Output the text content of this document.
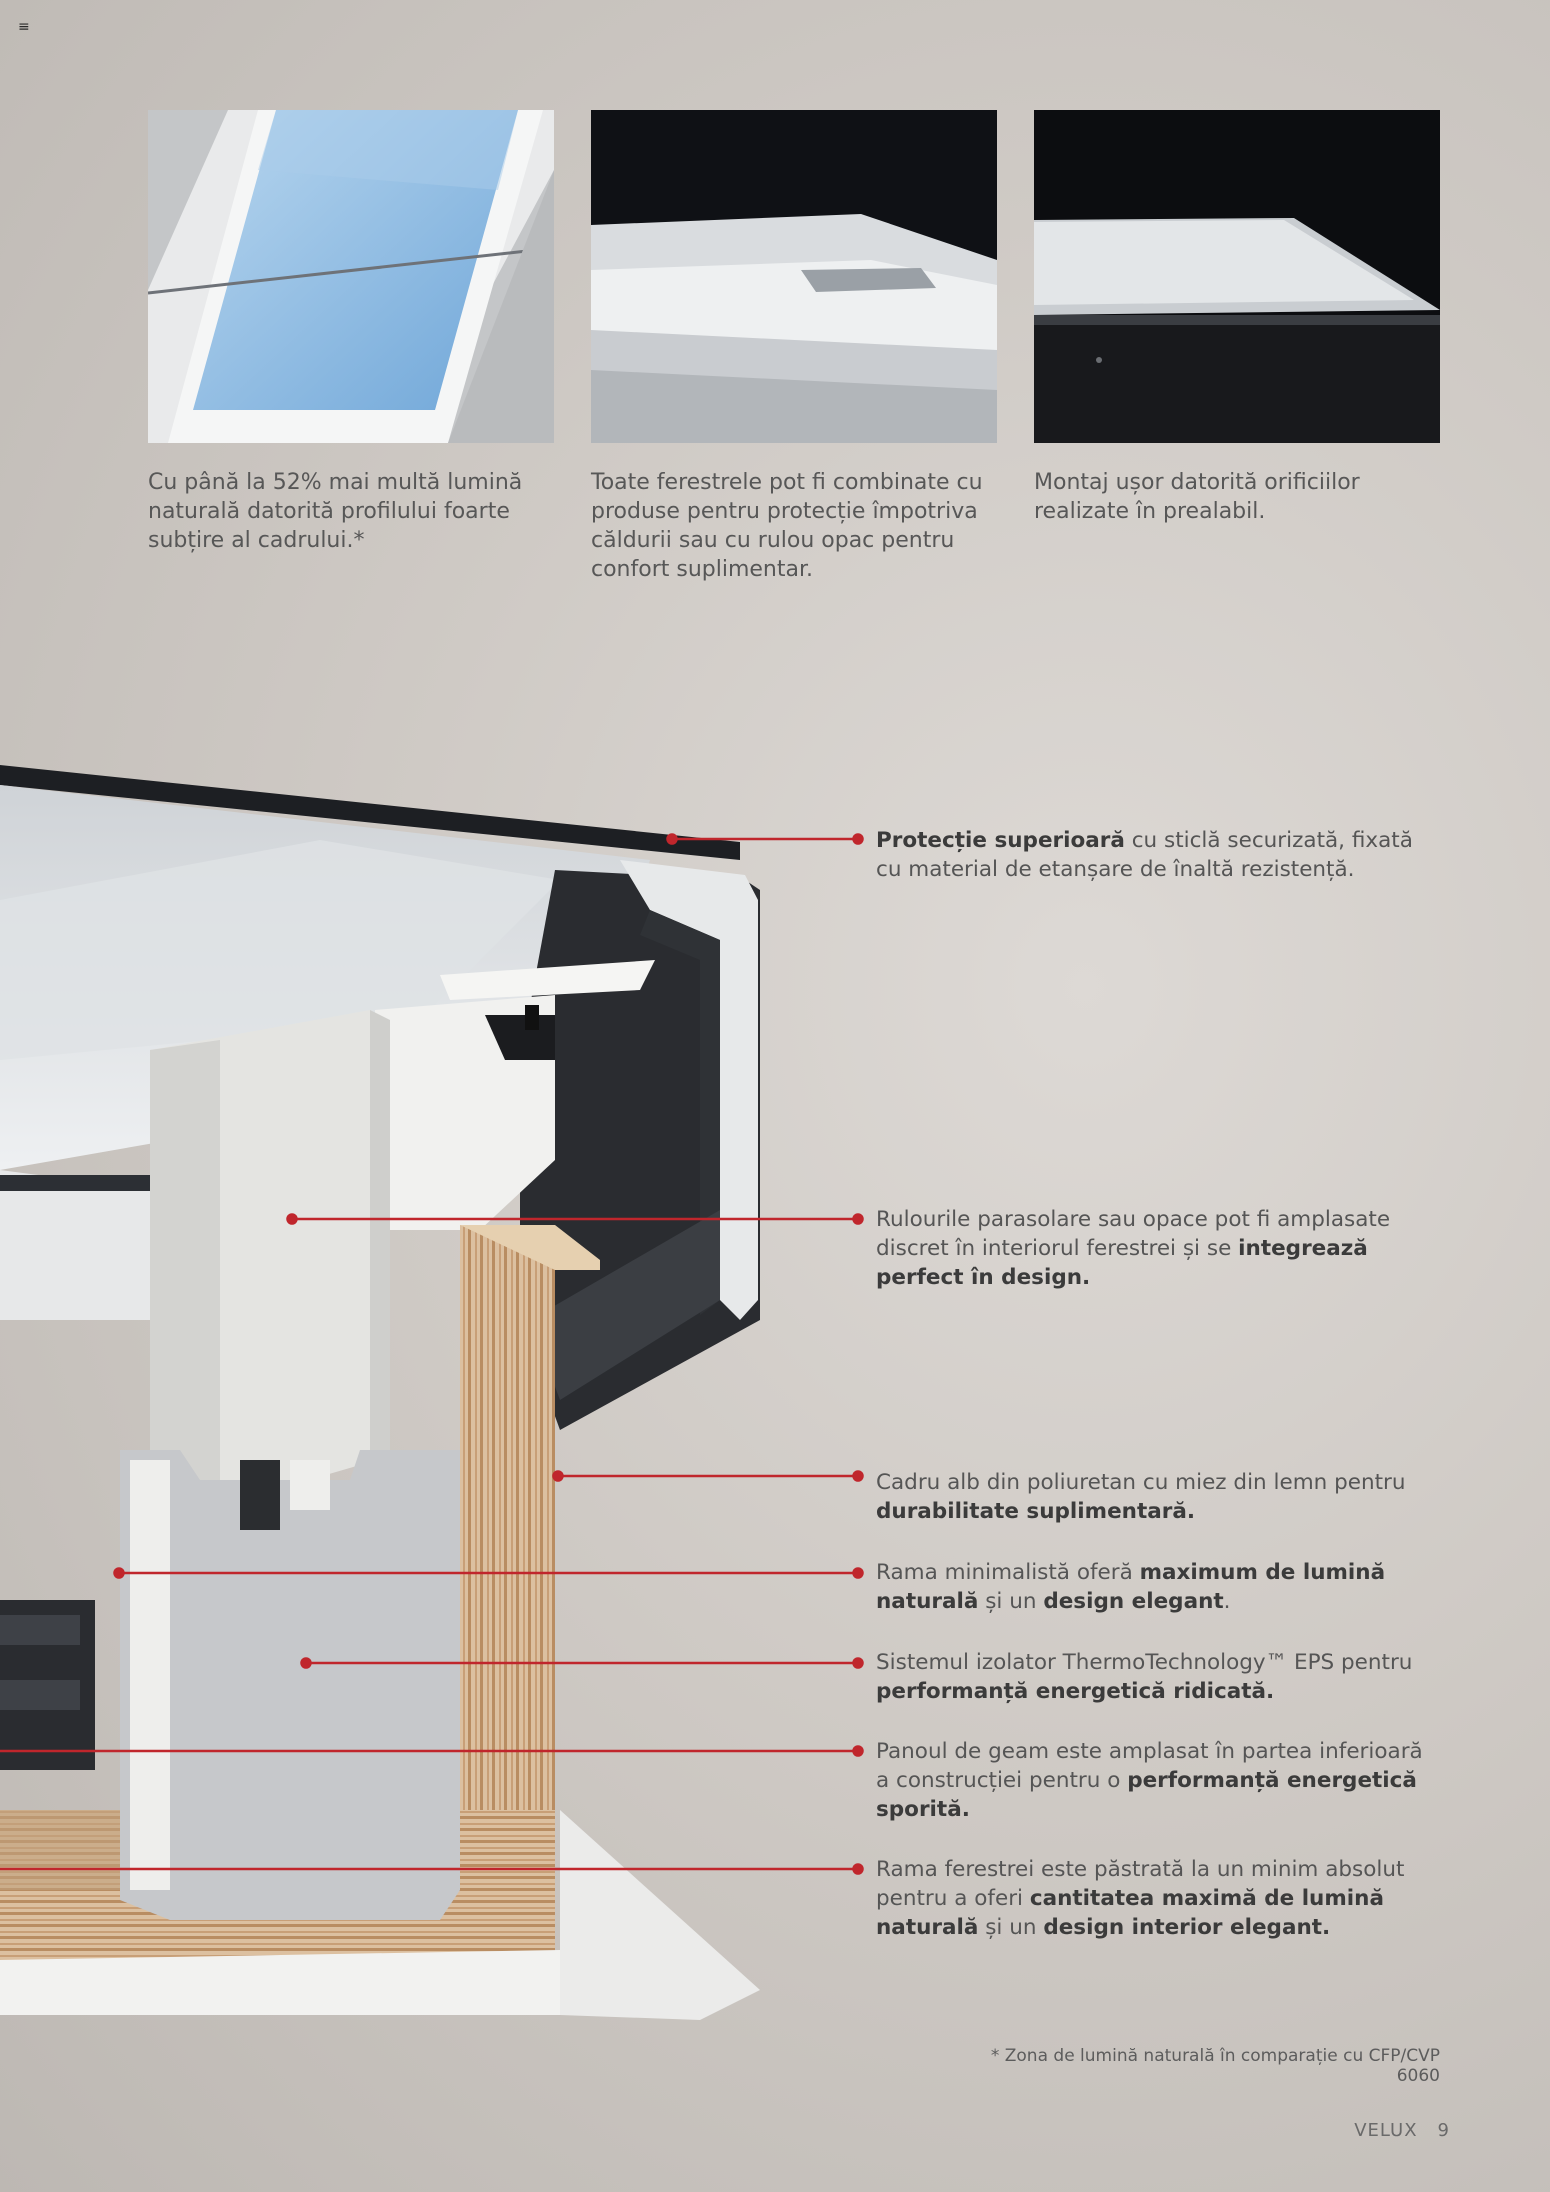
≡
Cu până la 52% mai multă lumină naturală datorită profilului foarte subțire al cadrului.*
Toate ferestrele pot fi combinate cu produse pentru protecție împotriva căldurii sau cu rulou opac pentru confort suplimentar.
Montaj ușor datorită orificiilor realizate în prealabil.
Protecție superioară cu sticlă securizată, fixată cu material de etanșare de înaltă rezistență.
Rulourile parasolare sau opace pot fi amplasate discret în interiorul ferestrei și se integrează perfect în design.
Cadru alb din poliuretan cu miez din lemn pentru durabilitate suplimentară.
Rama minimalistă oferă maximum de lumină naturală și un design elegant.
Sistemul izolator ThermoTechnology™ EPS pentru performanță energetică ridicată.
Panoul de geam este amplasat în partea inferioară a construcției pentru o performanță energetică sporită.
Rama ferestrei este păstrată la un minim absolut pentru a oferi cantitatea maximă de lumină naturală și un design interior elegant.
* Zona de lumină naturală în comparație cu CFP/CVP 6060
VELUX 9
